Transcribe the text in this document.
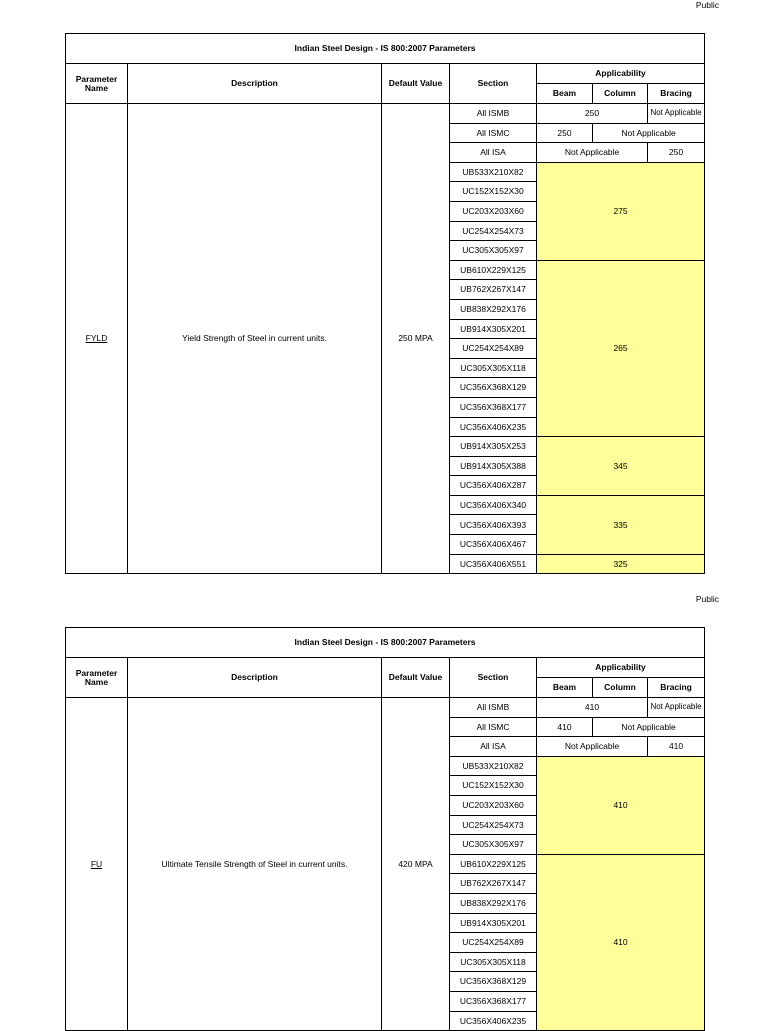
Public
Indian Steel Design - IS 800:2007 Parameters						
Parameter Name	Description	Default Value	Section	Applicability		
				Beam	Column	Bracing
FYLD	Yield Strength of Steel in current units.	250 MPA	All ISMB	250		Not Applicable
			All ISMC	250	Not Applicable	
			All ISA	Not Applicable		250
			UB533X210X82	275		
			UC152X152X30			
			UC203X203X60			
			UC254X254X73			
			UC305X305X97			
			UB610X229X125	265		
			UB762X267X147			
			UB838X292X176			
			UB914X305X201			
			UC254X254X89			
			UC305X305X118			
			UC356X368X129			
			UC356X368X177			
			UC356X406X235			
			UB914X305X253	345		
			UB914X305X388			
			UC356X406X287			
			UC356X406X340	335		
			UC356X406X393			
			UC356X406X467			
			UC356X406X551	325		
Public
Indian Steel Design - IS 800:2007 Parameters						
Parameter Name	Description	Default Value	Section	Applicability		
				Beam	Column	Bracing
FU	Ultimate Tensile Strength of Steel in current units.	420 MPA	All ISMB	410		Not Applicable
			All ISMC	410	Not Applicable	
			All ISA	Not Applicable		410
			UB533X210X82	410		
			UC152X152X30			
			UC203X203X60			
			UC254X254X73			
			UC305X305X97			
			UB610X229X125	410		
			UB762X267X147			
			UB838X292X176			
			UB914X305X201			
			UC254X254X89			
			UC305X305X118			
			UC356X368X129			
			UC356X368X177			
			UC356X406X235			
